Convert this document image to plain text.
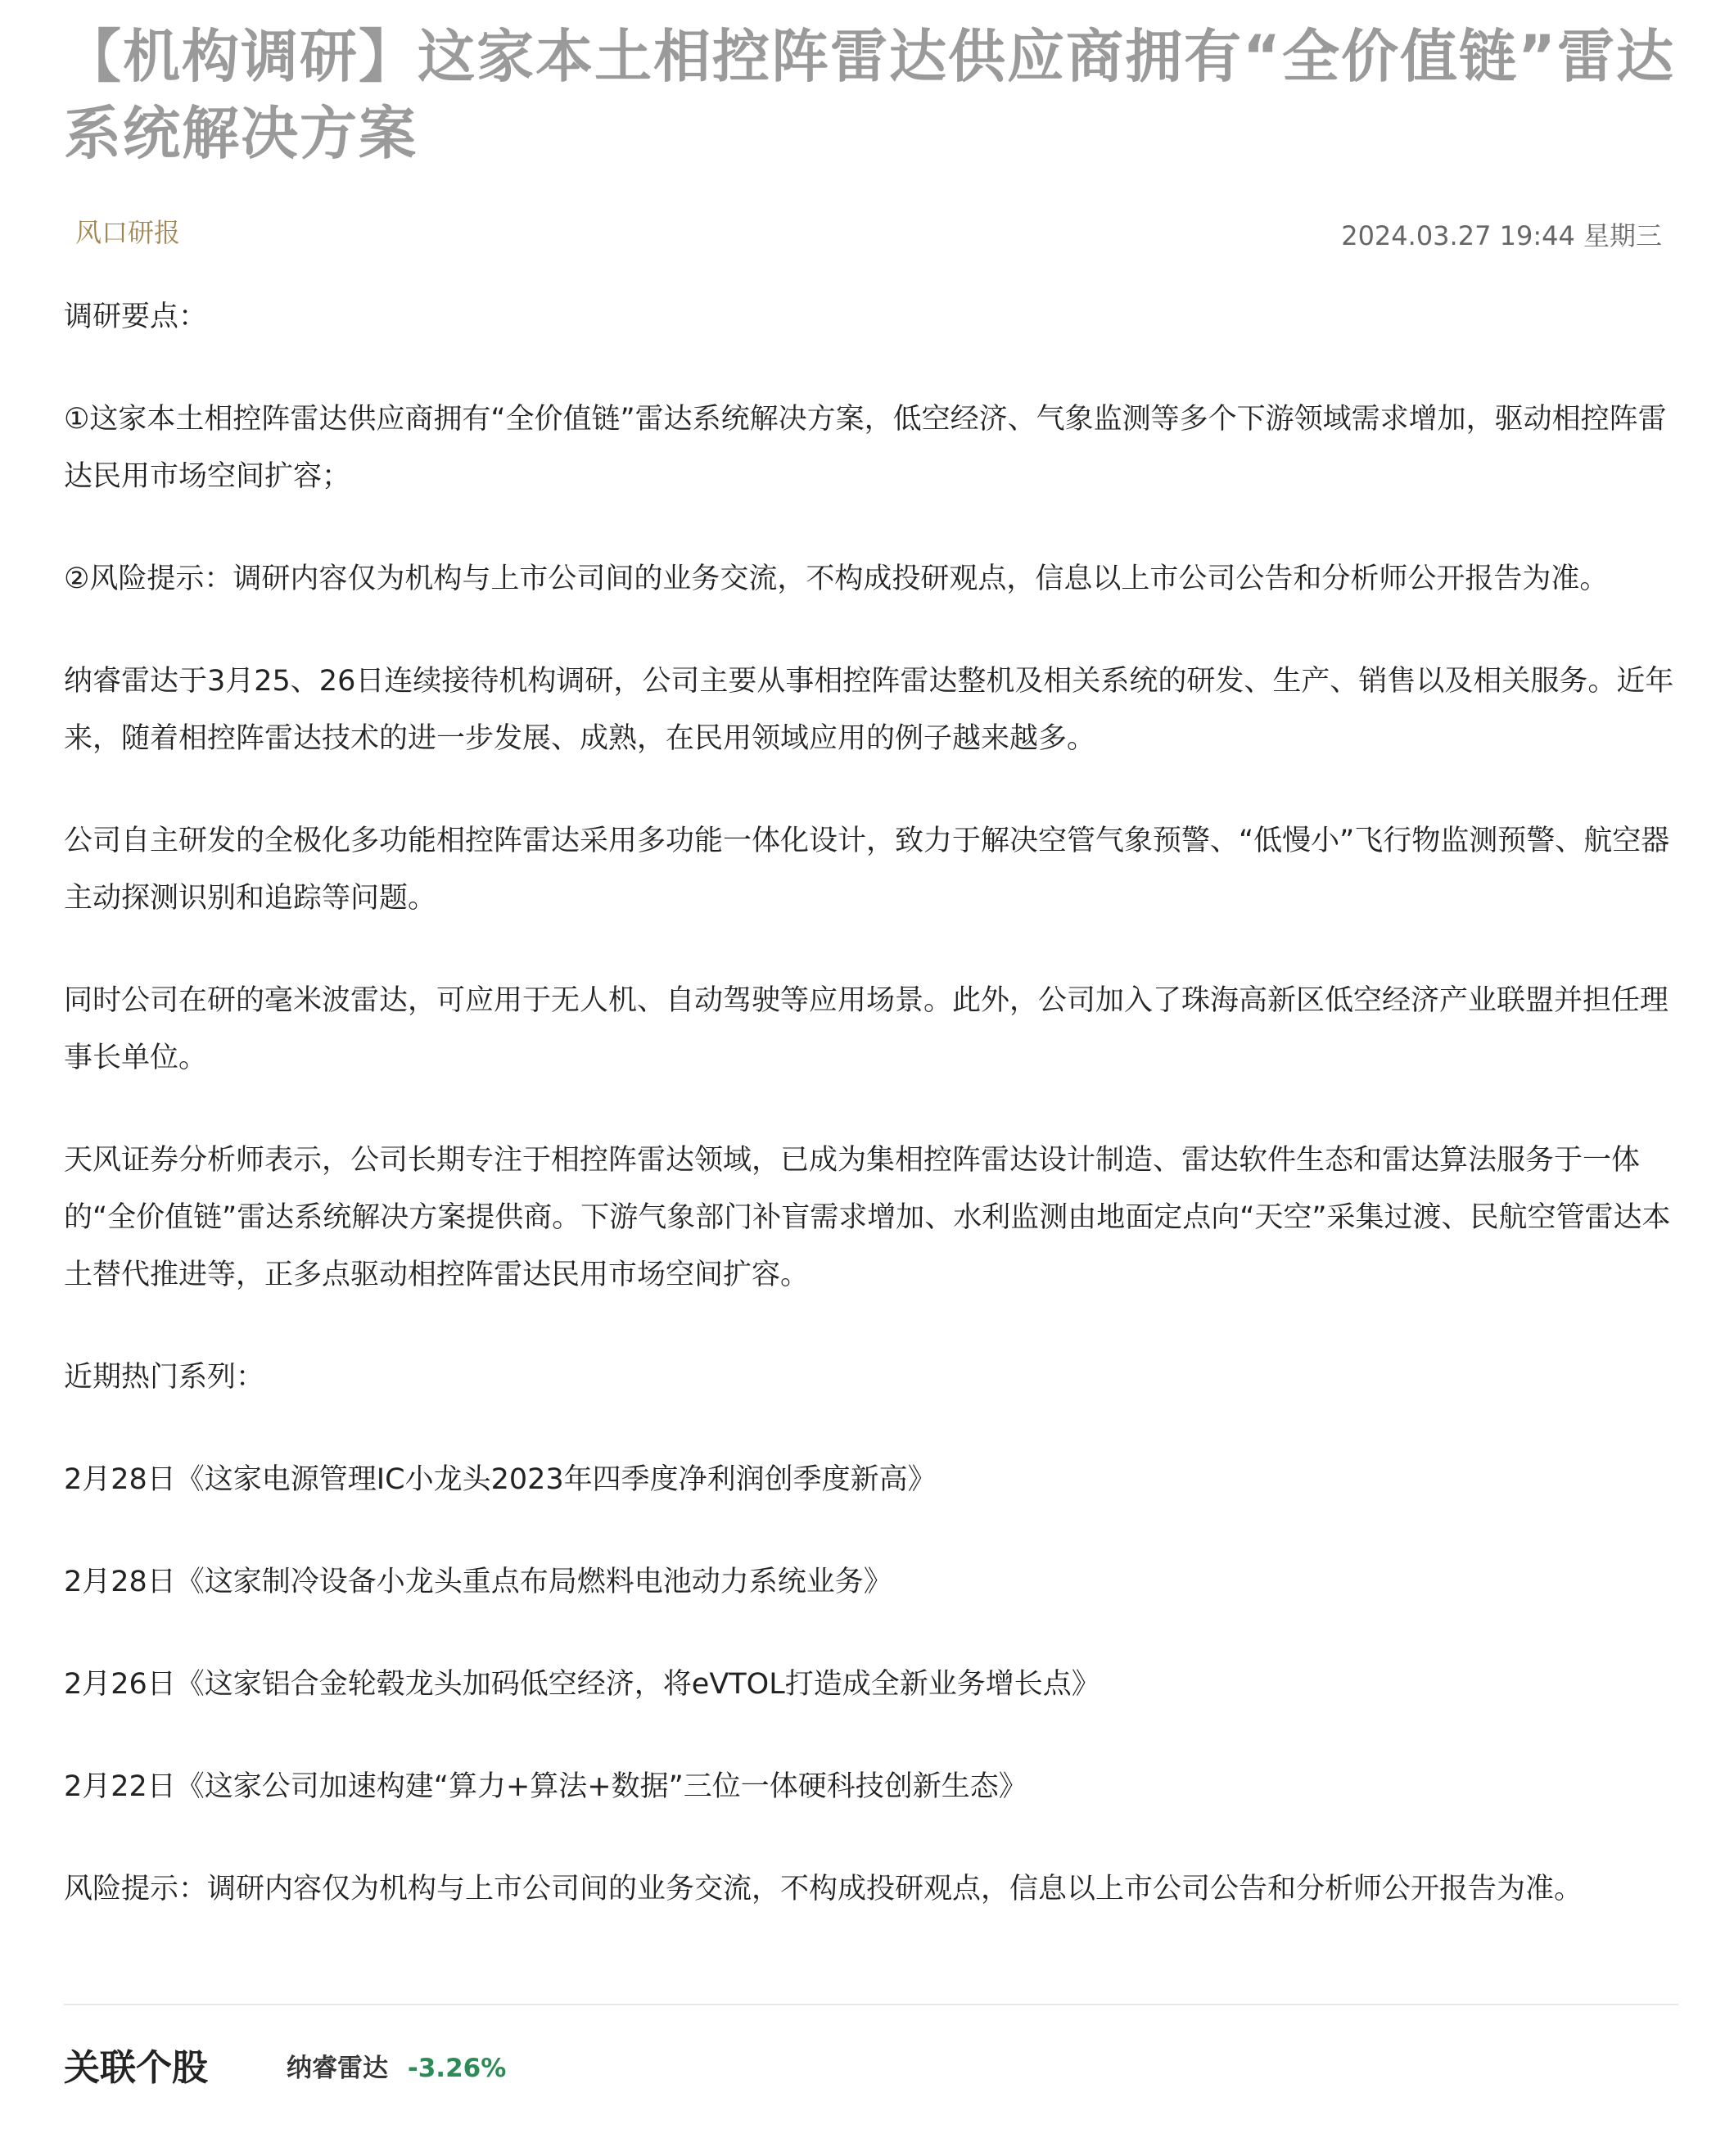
【机构调研】这家本土相控阵雷达供应商拥有“全价值链”雷达系统解决方案
风口研报	2024.03.27 19:44 星期三

调研要点：

①这家本土相控阵雷达供应商拥有“全价值链”雷达系统解决方案，低空经济、气象监测等多个下游领域需求增加，驱动相控阵雷达民用市场空间扩容；

②风险提示：调研内容仅为机构与上市公司间的业务交流，不构成投研观点，信息以上市公司公告和分析师公开报告为准。

纳睿雷达于3月25、26日连续接待机构调研，公司主要从事相控阵雷达整机及相关系统的研发、生产、销售以及相关服务。近年来，随着相控阵雷达技术的进一步发展、成熟，在民用领域应用的例子越来越多。

公司自主研发的全极化多功能相控阵雷达采用多功能一体化设计，致力于解决空管气象预警、“低慢小”飞行物监测预警、航空器主动探测识别和追踪等问题。

同时公司在研的毫米波雷达，可应用于无人机、自动驾驶等应用场景。此外，公司加入了珠海高新区低空经济产业联盟并担任理事长单位。

天风证券分析师表示，公司长期专注于相控阵雷达领域，已成为集相控阵雷达设计制造、雷达软件生态和雷达算法服务于一体的“全价值链”雷达系统解决方案提供商。下游气象部门补盲需求增加、水利监测由地面定点向“天空”采集过渡、民航空管雷达本土替代推进等，正多点驱动相控阵雷达民用市场空间扩容。

近期热门系列：

2月28日《这家电源管理IC小龙头2023年四季度净利润创季度新高》

2月28日《这家制冷设备小龙头重点布局燃料电池动力系统业务》

2月26日《这家铝合金轮毂龙头加码低空经济，将eVTOL打造成全新业务增长点》

2月22日《这家公司加速构建“算力+算法+数据”三位一体硬科技创新生态》

风险提示：调研内容仅为机构与上市公司间的业务交流，不构成投研观点，信息以上市公司公告和分析师公开报告为准。

关联个股	纳睿雷达 -3.26%
